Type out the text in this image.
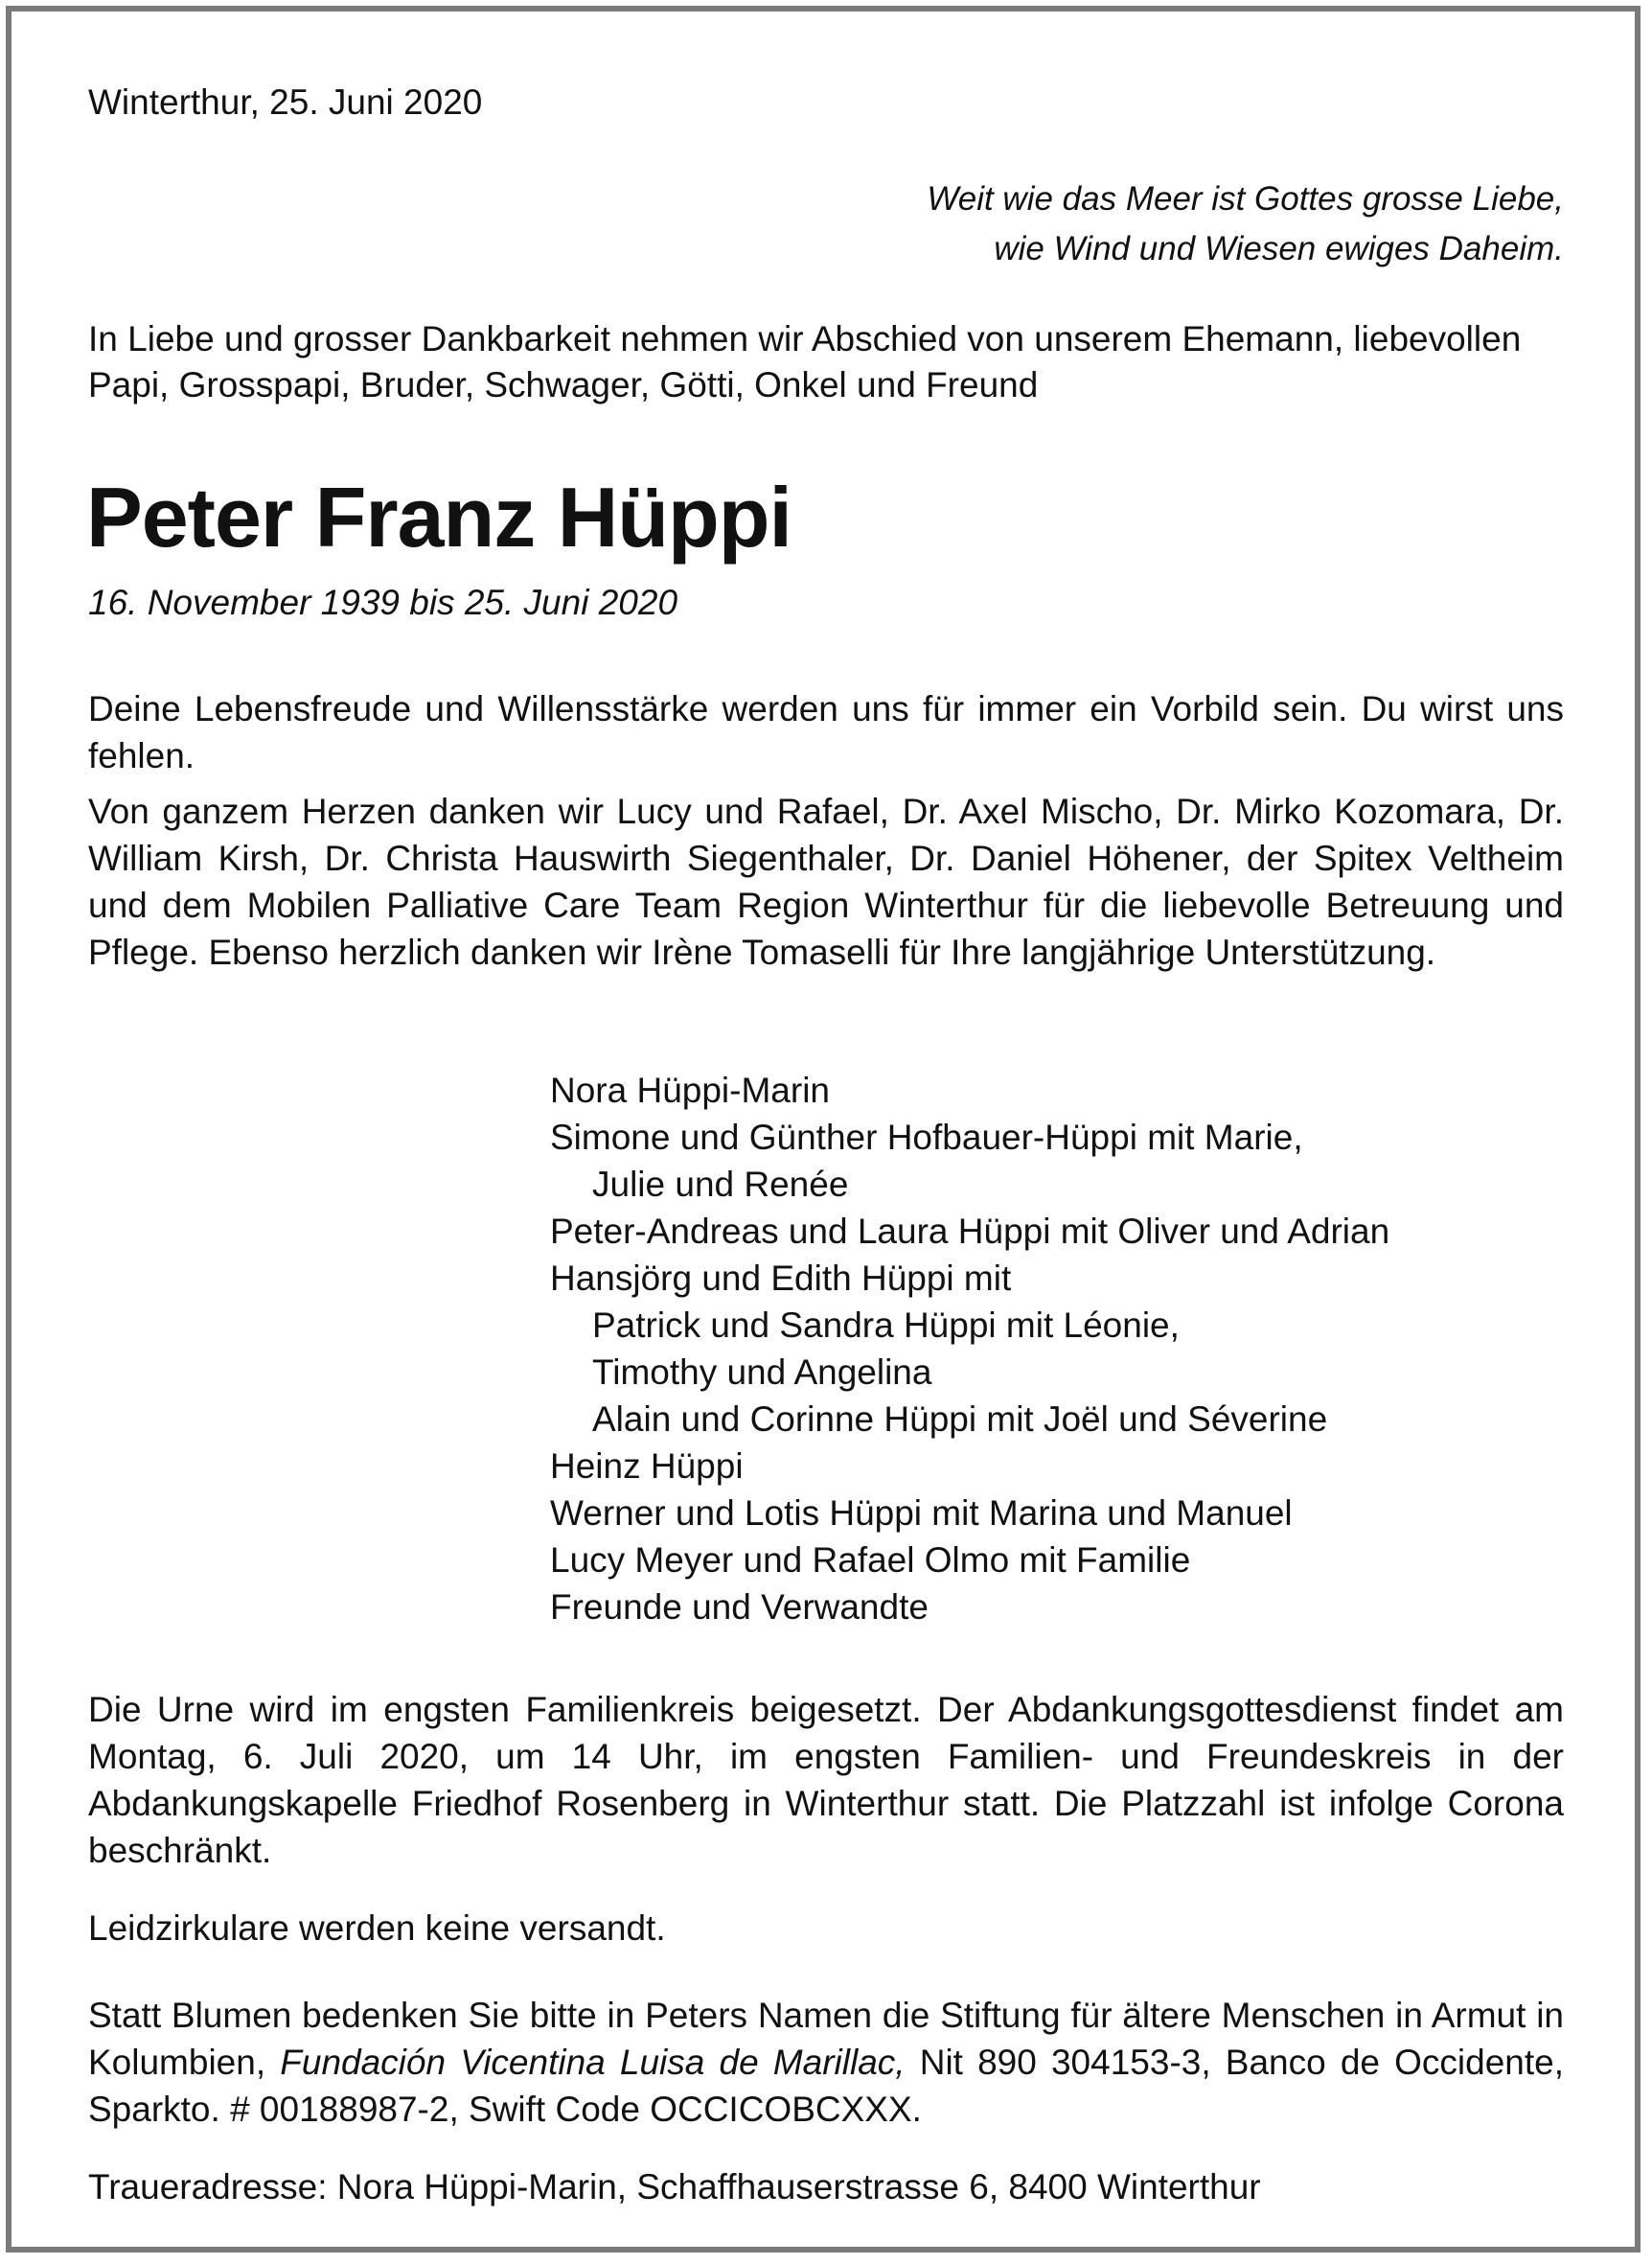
Winterthur, 25. Juni 2020
Weit wie das Meer ist Gottes grosse Liebe,
wie Wind und Wiesen ewiges Daheim.
In Liebe und grosser Dankbarkeit nehmen wir Abschied von unserem Ehemann, liebevollen Papi, Grosspapi, Bruder, Schwager, Götti, Onkel und Freund
Peter Franz Hüppi
16. November 1939 bis 25. Juni 2020
Deine Lebensfreude und Willensstärke werden uns für immer ein Vorbild sein. Du wirst uns fehlen.
Von ganzem Herzen danken wir Lucy und Rafael, Dr. Axel Mischo, Dr. Mirko Kozomara, Dr. William Kirsh, Dr. Christa Hauswirth Siegenthaler, Dr. Daniel Höhener, der Spitex Veltheim und dem Mobilen Palliative Care Team Region Winterthur für die liebevolle Betreuung und Pflege. Ebenso herzlich danken wir Irène Tomaselli für Ihre langjährige Unterstützung.
Nora Hüppi-Marin
Simone und Günther Hofbauer-Hüppi mit Marie,
Julie und Renée
Peter-Andreas und Laura Hüppi mit Oliver und Adrian
Hansjörg und Edith Hüppi mit
Patrick und Sandra Hüppi mit Léonie,
Timothy und Angelina
Alain und Corinne Hüppi mit Joël und Séverine
Heinz Hüppi
Werner und Lotis Hüppi mit Marina und Manuel
Lucy Meyer und Rafael Olmo mit Familie
Freunde und Verwandte
Die Urne wird im engsten Familienkreis beigesetzt. Der Abdankungsgottesdienst findet am Montag, 6. Juli 2020, um 14 Uhr, im engsten Familien- und Freundeskreis in der Abdankungskapelle Friedhof Rosenberg in Winterthur statt. Die Platzzahl ist infolge Corona beschränkt.
Leidzirkulare werden keine versandt.
Statt Blumen bedenken Sie bitte in Peters Namen die Stiftung für ältere Menschen in Armut in Kolumbien, Fundación Vicentina Luisa de Marillac, Nit 890 304153-3, Banco de Occidente, Sparkto. # 00188987-2, Swift Code OCCICOBCXXX.
Traueradresse: Nora Hüppi-Marin, Schaffhauserstrasse 6, 8400 Winterthur
